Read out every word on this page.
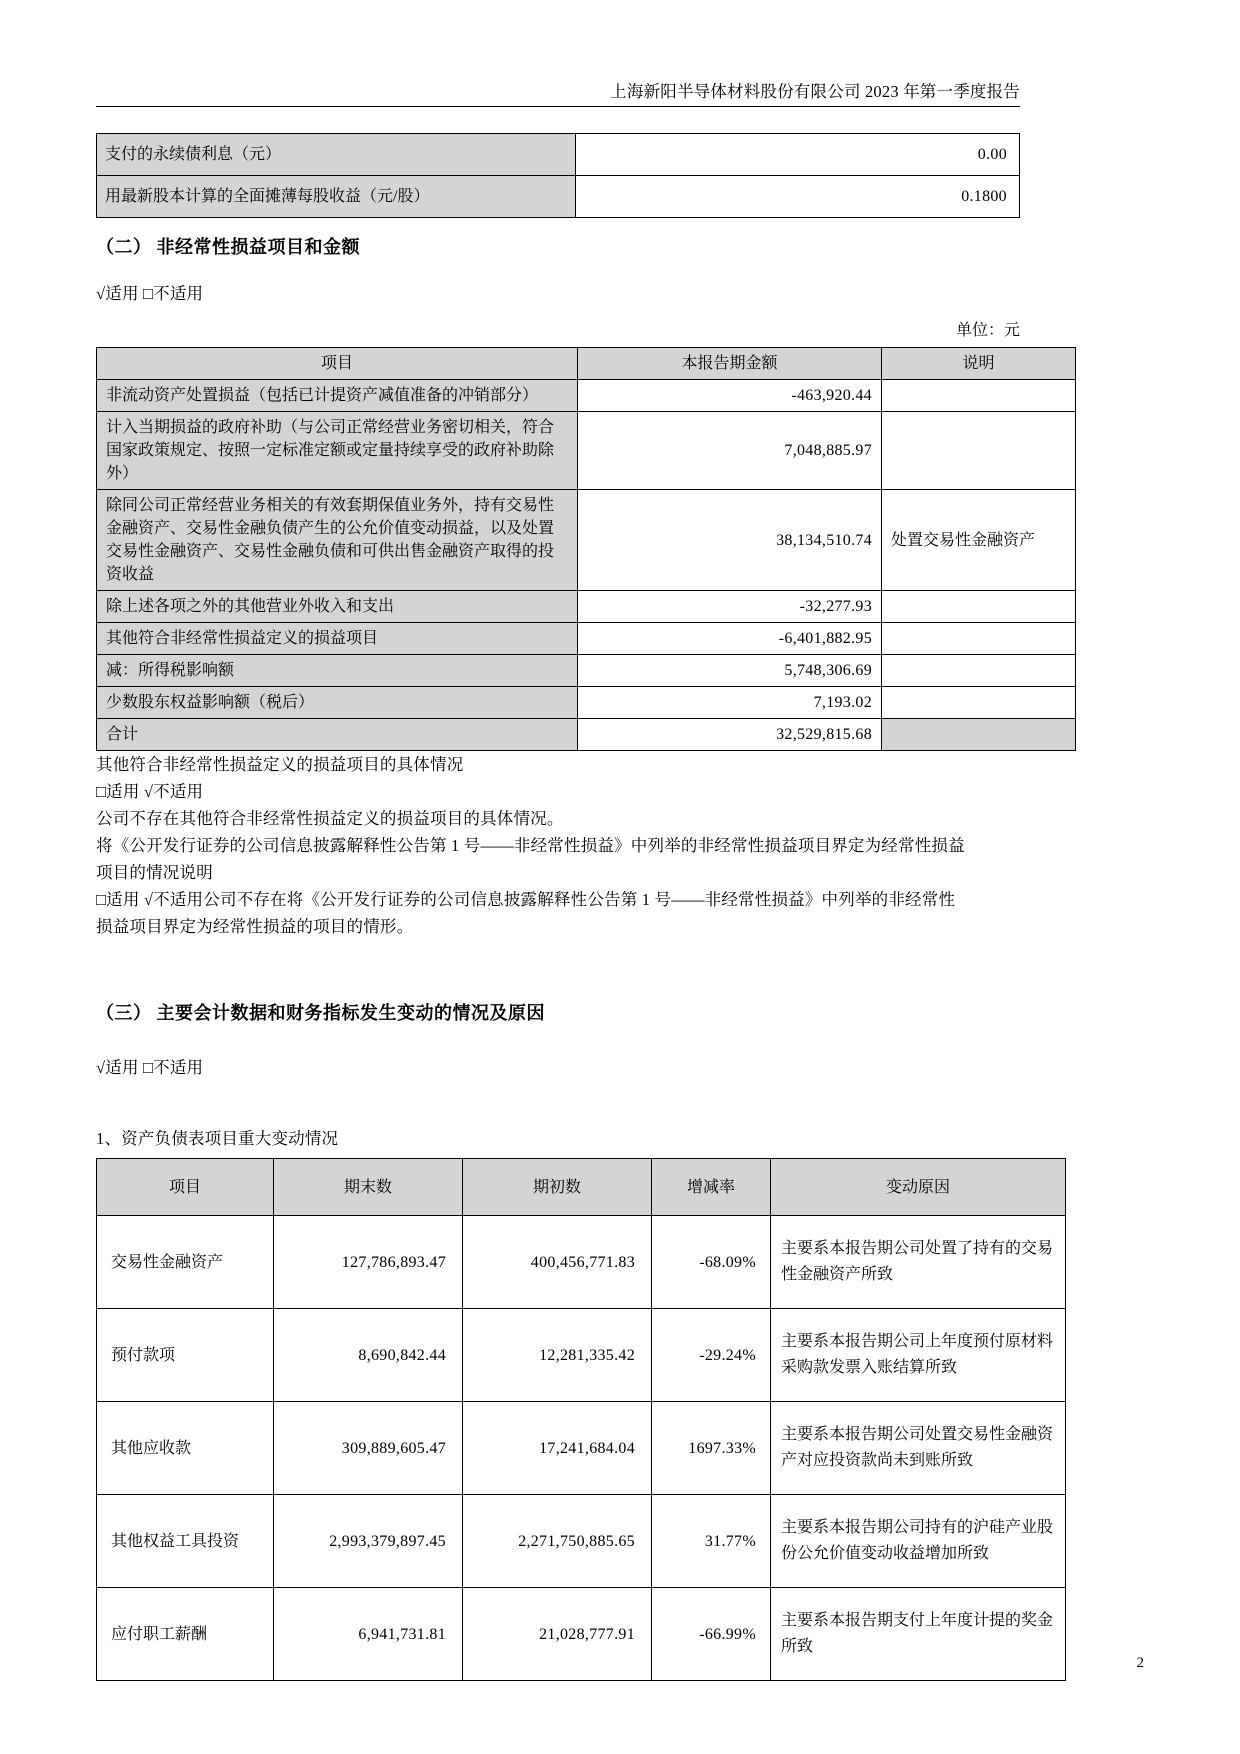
上海新阳半导体材料股份有限公司 2023 年第一季度报告
支付的永续债利息（元）	0.00
用最新股本计算的全面摊薄每股收益（元/股）	0.1800
（二） 非经常性损益项目和金额

√适用 □不适用

单位：元

项目	本报告期金额	说明
非流动资产处置损益（包括已计提资产减值准备的冲销部分）	-463,920.44	
计入当期损益的政府补助（与公司正常经营业务密切相关，符合国家政策规定、按照一定标准定额或定量持续享受的政府补助除外）	7,048,885.97	
除同公司正常经营业务相关的有效套期保值业务外，持有交易性金融资产、交易性金融负债产生的公允价值变动损益，以及处置交易性金融资产、交易性金融负债和可供出售金融资产取得的投资收益	38,134,510.74	处置交易性金融资产
除上述各项之外的其他营业外收入和支出	-32,277.93	
其他符合非经常性损益定义的损益项目	-6,401,882.95	
减：所得税影响额	5,748,306.69	
少数股东权益影响额（税后）	7,193.02	
合计	32,529,815.68	

其他符合非经常性损益定义的损益项目的具体情况

□适用 √不适用

公司不存在其他符合非经常性损益定义的损益项目的具体情况。

将《公开发行证券的公司信息披露解释性公告第 1 号——非经常性损益》中列举的非经常性损益项目界定为经常性损益

项目的情况说明

□适用 √不适用公司不存在将《公开发行证券的公司信息披露解释性公告第 1 号——非经常性损益》中列举的非经常性

损益项目界定为经常性损益的项目的情形。

（三） 主要会计数据和财务指标发生变动的情况及原因

√适用 □不适用

1、资产负债表项目重大变动情况

项目	期末数	期初数	增减率	变动原因
交易性金融资产	127,786,893.47	400,456,771.83	-68.09%	主要系本报告期公司处置了持有的交易性金融资产所致
预付款项	8,690,842.44	12,281,335.42	-29.24%	主要系本报告期公司上年度预付原材料采购款发票入账结算所致
其他应收款	309,889,605.47	17,241,684.04	1697.33%	主要系本报告期公司处置交易性金融资产对应投资款尚未到账所致
其他权益工具投资	2,993,379,897.45	2,271,750,885.65	31.77%	主要系本报告期公司持有的沪硅产业股份公允价值变动收益增加所致
应付职工薪酬	6,941,731.81	21,028,777.91	-66.99%	主要系本报告期支付上年度计提的奖金所致
2
